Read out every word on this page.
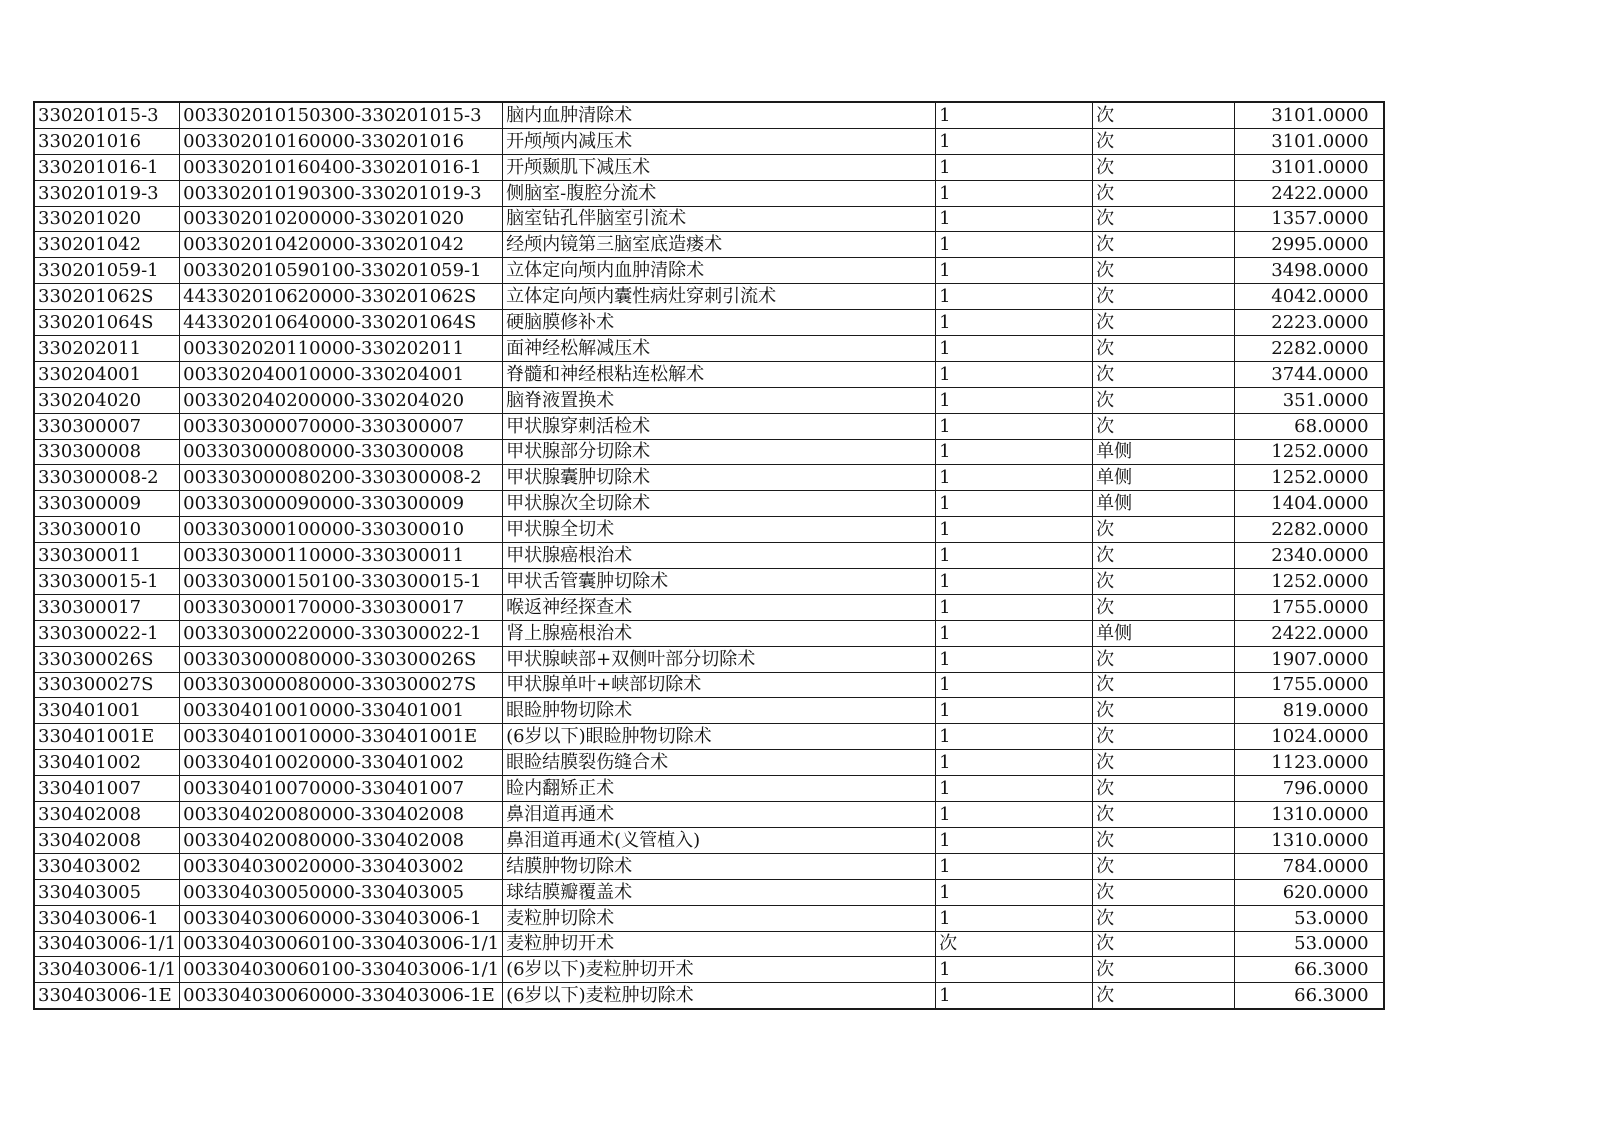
330201015-3	003302010150300-330201015-3	脑内血肿清除术	1	次	3101.0000
330201016	003302010160000-330201016	开颅颅内减压术	1	次	3101.0000
330201016-1	003302010160400-330201016-1	开颅颞肌下减压术	1	次	3101.0000
330201019-3	003302010190300-330201019-3	侧脑室-腹腔分流术	1	次	2422.0000
330201020	003302010200000-330201020	脑室钻孔伴脑室引流术	1	次	1357.0000
330201042	003302010420000-330201042	经颅内镜第三脑室底造瘘术	1	次	2995.0000
330201059-1	003302010590100-330201059-1	立体定向颅内血肿清除术	1	次	3498.0000
330201062S	443302010620000-330201062S	立体定向颅内囊性病灶穿刺引流术	1	次	4042.0000
330201064S	443302010640000-330201064S	硬脑膜修补术	1	次	2223.0000
330202011	003302020110000-330202011	面神经松解减压术	1	次	2282.0000
330204001	003302040010000-330204001	脊髓和神经根粘连松解术	1	次	3744.0000
330204020	003302040200000-330204020	脑脊液置换术	1	次	351.0000
330300007	003303000070000-330300007	甲状腺穿刺活检术	1	次	68.0000
330300008	003303000080000-330300008	甲状腺部分切除术	1	单侧	1252.0000
330300008-2	003303000080200-330300008-2	甲状腺囊肿切除术	1	单侧	1252.0000
330300009	003303000090000-330300009	甲状腺次全切除术	1	单侧	1404.0000
330300010	003303000100000-330300010	甲状腺全切术	1	次	2282.0000
330300011	003303000110000-330300011	甲状腺癌根治术	1	次	2340.0000
330300015-1	003303000150100-330300015-1	甲状舌管囊肿切除术	1	次	1252.0000
330300017	003303000170000-330300017	喉返神经探查术	1	次	1755.0000
330300022-1	003303000220000-330300022-1	肾上腺癌根治术	1	单侧	2422.0000
330300026S	003303000080000-330300026S	甲状腺峡部+双侧叶部分切除术	1	次	1907.0000
330300027S	003303000080000-330300027S	甲状腺单叶+峡部切除术	1	次	1755.0000
330401001	003304010010000-330401001	眼睑肿物切除术	1	次	819.0000
330401001E	003304010010000-330401001E	(6岁以下)眼睑肿物切除术	1	次	1024.0000
330401002	003304010020000-330401002	眼睑结膜裂伤缝合术	1	次	1123.0000
330401007	003304010070000-330401007	睑内翻矫正术	1	次	796.0000
330402008	003304020080000-330402008	鼻泪道再通术	1	次	1310.0000
330402008	003304020080000-330402008	鼻泪道再通术(义管植入)	1	次	1310.0000
330403002	003304030020000-330403002	结膜肿物切除术	1	次	784.0000
330403005	003304030050000-330403005	球结膜瓣覆盖术	1	次	620.0000
330403006-1	003304030060000-330403006-1	麦粒肿切除术	1	次	53.0000
330403006-1/1	003304030060100-330403006-1/1	麦粒肿切开术	次	次	53.0000
330403006-1/1	003304030060100-330403006-1/1	(6岁以下)麦粒肿切开术	1	次	66.3000
330403006-1E	003304030060000-330403006-1E	(6岁以下)麦粒肿切除术	1	次	66.3000
